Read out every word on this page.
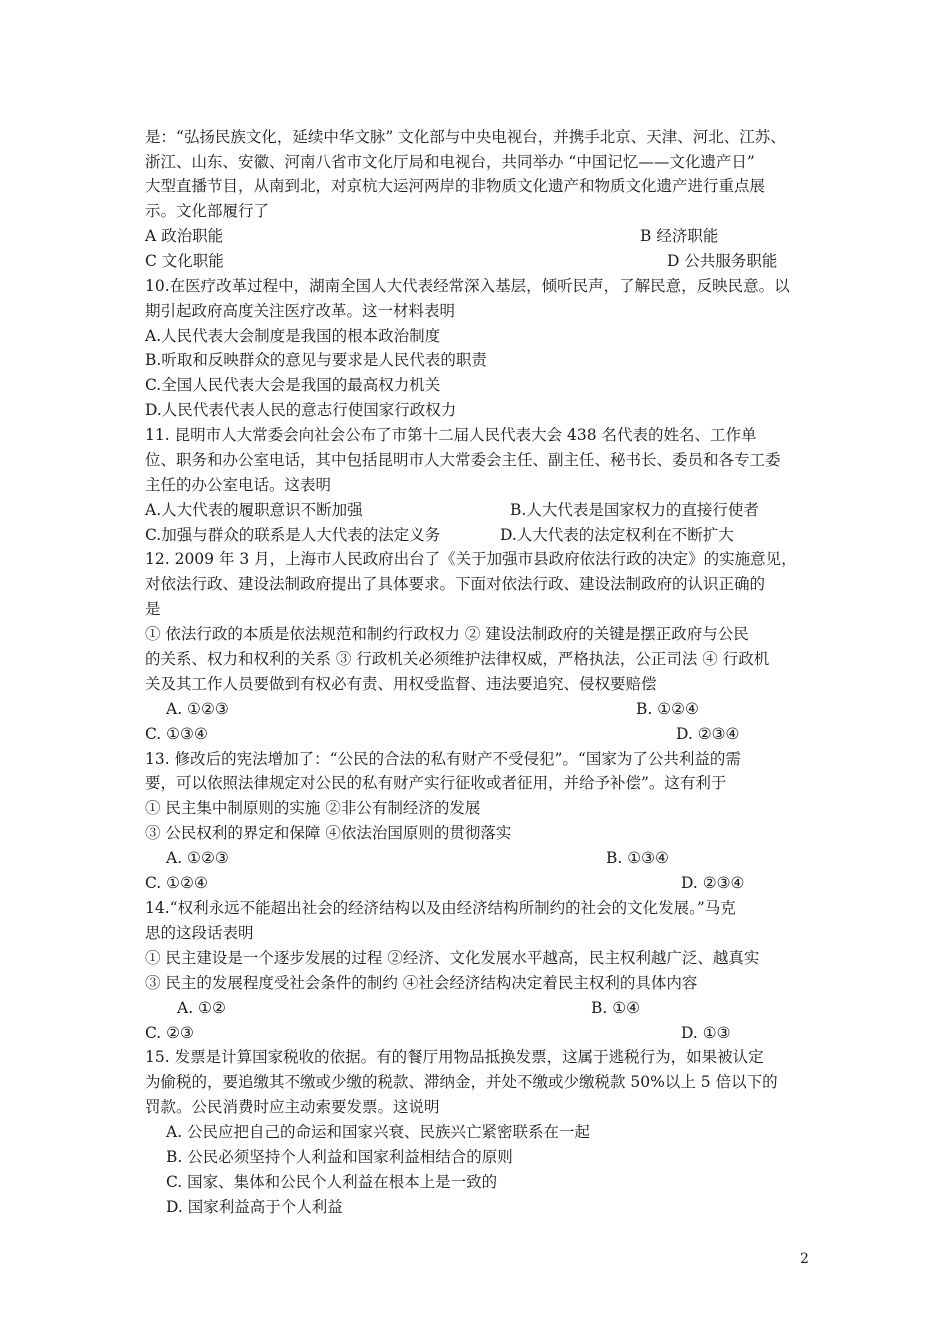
是：“弘扬民族文化，延续中华文脉” 文化部与中央电视台，并携手北京、天津、河北、江苏、
浙江、山东、安徽、河南八省市文化厅局和电视台，共同举办 “中国记忆——文化遗产日”
大型直播节目，从南到北，对京杭大运河两岸的非物质文化遗产和物质文化遗产进行重点展
示。文化部履行了
A 政治职能	B 经济职能
C 文化职能	D 公共服务职能
10.在医疗改革过程中，湖南全国人大代表经常深入基层，倾听民声，了解民意，反映民意。以
期引起政府高度关注医疗改革。这一材料表明
A.人民代表大会制度是我国的根本政治制度
B.听取和反映群众的意见与要求是人民代表的职责
C.全国人民代表大会是我国的最高权力机关
D.人民代表代表人民的意志行使国家行政权力
11. 昆明市人大常委会向社会公布了市第十二届人民代表大会 438 名代表的姓名、工作单
位、职务和办公室电话，其中包括昆明市人大常委会主任、副主任、秘书长、委员和各专工委
主任的办公室电话。这表明
A.人大代表的履职意识不断加强	B.人大代表是国家权力的直接行使者
C.加强与群众的联系是人大代表的法定义务	D.人大代表的法定权利在不断扩大
12. 2009 年 3 月，上海市人民政府出台了《关于加强市县政府依法行政的决定》的实施意见，
对依法行政、建设法制政府提出了具体要求。下面对依法行政、建设法制政府的认识正确的
是
① 依法行政的本质是依法规范和制约行政权力 ② 建设法制政府的关键是摆正政府与公民
的关系、权力和权利的关系 ③ 行政机关必须维护法律权威，严格执法，公正司法 ④ 行政机
关及其工作人员要做到有权必有责、用权受监督、违法要追究、侵权要赔偿
A. ①②③	B. ①②④
C. ①③④	D. ②③④
13. 修改后的宪法增加了：“公民的合法的私有财产不受侵犯”。“国家为了公共利益的需
要，可以依照法律规定对公民的私有财产实行征收或者征用，并给予补偿”。这有利于
① 民主集中制原则的实施 ②非公有制经济的发展
③ 公民权利的界定和保障 ④依法治国原则的贯彻落实
A. ①②③	B. ①③④
C. ①②④	D. ②③④
14.“权利永远不能超出社会的经济结构以及由经济结构所制约的社会的文化发展。”马克
思的这段话表明
① 民主建设是一个逐步发展的过程 ②经济、文化发展水平越高，民主权利越广泛、越真实
③ 民主的发展程度受社会条件的制约 ④社会经济结构决定着民主权利的具体内容
A. ①②	B. ①④
C. ②③	D. ①③
15. 发票是计算国家税收的依据。有的餐厅用物品抵换发票，这属于逃税行为，如果被认定
为偷税的，要追缴其不缴或少缴的税款、滞纳金，并处不缴或少缴税款 50%以上 5 倍以下的
罚款。公民消费时应主动索要发票。这说明
A. 公民应把自己的命运和国家兴衰、民族兴亡紧密联系在一起
B. 公民必须坚持个人利益和国家利益相结合的原则
C. 国家、集体和公民个人利益在根本上是一致的
D. 国家利益高于个人利益
2
